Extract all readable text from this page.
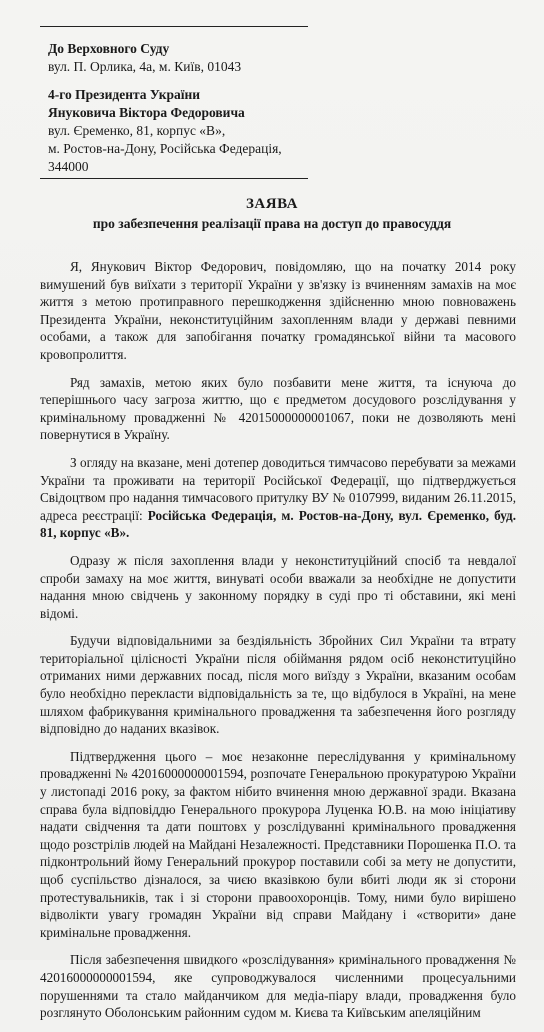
До Верховного Суду
вул. П. Орлика, 4а, м. Київ, 01043
4-го Президента України
Януковича Віктора Федоровича
вул. Єременко, 81, корпус «В»,
м. Ростов-на-Дону, Російська Федерація,
344000
ЗАЯВА
про забезпечення реалізації права на доступ до правосуддя

Я, Янукович Віктор Федорович, повідомляю, що на початку 2014 року вимушений був виїхати з території України у зв'язку із вчиненням замахів на моє життя з метою протиправного перешкодження здійсненню мною повноважень Президента України, неконституційним захопленням влади у державі певними особами, а також для запобігання початку громадянської війни та масового кровопролиття.

Ряд замахів, метою яких було позбавити мене життя, та існуюча до теперішнього часу загроза життю, що є предметом досудового розслідування у кримінальному провадженні № 42015000000001067, поки не дозволяють мені повернутися в Україну.

З огляду на вказане, мені дотепер доводиться тимчасово перебувати за межами України та проживати на території Російської Федерації, що підтверджується Свідоцтвом про надання тимчасового притулку ВУ № 0107999, виданим 26.11.2015, адреса реєстрації: Російська Федерація, м. Ростов-на-Дону, вул. Єременко, буд. 81, корпус «В».

Одразу ж після захоплення влади у неконституційний спосіб та невдалої спроби замаху на моє життя, винуваті особи вважали за необхідне не допустити надання мною свідчень у законному порядку в суді про ті обставини, які мені відомі.

Будучи відповідальними за бездіяльність Збройних Сил України та втрату територіальної цілісності України після обіймання рядом осіб неконституційно отриманих ними державних посад, після мого виїзду з України, вказаним особам було необхідно перекласти відповідальність за те, що відбулося в Україні, на мене шляхом фабрикування кримінального провадження та забезпечення його розгляду відповідно до наданих вказівок.

Підтвердження цього – моє незаконне переслідування у кримінальному провадженні № 42016000000001594, розпочате Генеральною прокуратурою України у листопаді 2016 року, за фактом нібито вчинення мною державної зради. Вказана справа була відповіддю Генерального прокурора Луценка Ю.В. на мою ініціативу надати свідчення та дати поштовх у розслідуванні кримінального провадження щодо розстрілів людей на Майдані Незалежності. Представники Порошенка П.О. та підконтрольний йому Генеральний прокурор поставили собі за мету не допустити, щоб суспільство дізналося, за чиєю вказівкою були вбиті люди як зі сторони протестувальників, так і зі сторони правоохоронців. Тому, ними було вирішено відволікти увагу громадян України від справи Майдану і «створити» дане кримінальне провадження.

Після забезпечення швидкого «розслідування» кримінального провадження № 42016000000001594, яке супроводжувалося численними процесуальними порушеннями та стало майданчиком для медіа-піару влади, провадження було розглянуто Оболонським районним судом м. Києва та Київським апеляційним
